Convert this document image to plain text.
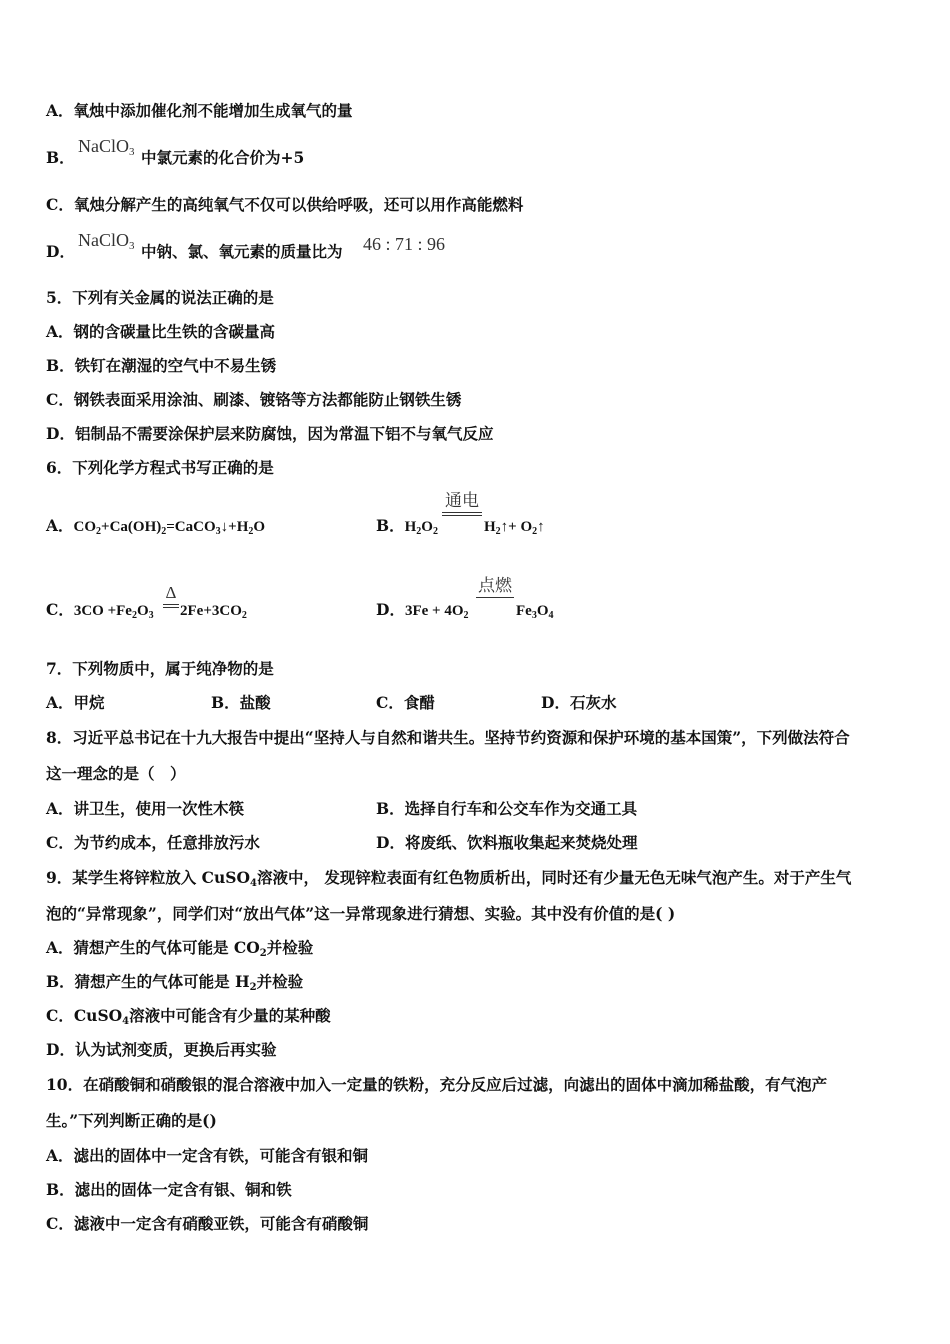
A．氧烛中添加催化剂不能增加生成氧气的量
B．
NaClO$_3$ 中氯元素的化合价为+5
C．氧烛分解产生的高纯氧气不仅可以供给呼吸，还可以用作高能燃料
D．
NaClO$_3$ 中钠、氯、氧元素的质量比为 46 : 71 : 96
5．下列有关金属的说法正确的是
A．钢的含碳量比生铁的含碳量高
B．铁钉在潮湿的空气中不易生锈
C．钢铁表面采用涂油、刷漆、镀铬等方法都能防止钢铁生锈
D．铝制品不需要涂保护层来防腐蚀，因为常温下铝不与氧气反应
6．下列化学方程式书写正确的是
A．$CO_2+Ca(OH)_2=CaCO_3↓+H_2O$	B．$H_2O_2$
通电
$H_2↑+$ $O_2↑$
C．$3CO +Fe_2O_3$
Δ
$2Fe+3CO_2$	D．$3Fe + 4O_2$
点燃
$Fe_3O_4$
7．下列物质中，属于纯净物的是
A．甲烷	B．盐酸	C．食醋	D．石灰水
8．习近平总书记在十九大报告中提出“坚持人与自然和谐共生。坚持节约资源和保护环境的基本国策”，下列做法符合
这一理念的是（　）
A．讲卫生，使用一次性木筷	B．选择自行车和公交车作为交通工具
C．为节约成本，任意排放污水	D．将废纸、饮料瓶收集起来焚烧处理
9．某学生将锌粒放入 CuSO$_4$溶液中， 发现锌粒表面有红色物质析出，同时还有少量无色无味气泡产生。对于产生气
泡的“异常现象”，同学们对“放出气体”这一异常现象进行猜想、实验。其中没有价值的是( )
A．猜想产生的气体可能是 $CO_2$并检验
B．猜想产生的气体可能是 $H_2$并检验
C．CuSO$_4$溶液中可能含有少量的某种酸
D．认为试剂变质，更换后再实验
10．在硝酸铜和硝酸银的混合溶液中加入一定量的铁粉，充分反应后过滤，向滤出的固体中滴加稀盐酸，有气泡产
生。”下列判断正确的是()
A．滤出的固体中一定含有铁，可能含有银和铜
B．滤出的固体一定含有银、铜和铁
C．滤液中一定含有硝酸亚铁，可能含有硝酸铜
